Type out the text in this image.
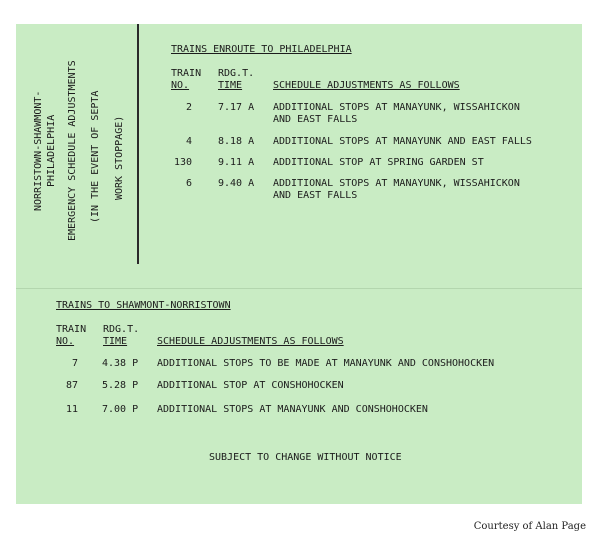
NORRISTOWN-SHAWMONT- PHILADELPHIA EMERGENCY SCHEDULE ADJUSTMENTS (IN THE EVENT OF SEPTA WORK STOPPAGE)
TRAINS ENROUTE TO PHILADELPHIA
TRAIN
NO.
RDG.T.
TIME	SCHEDULE ADJUSTMENTS AS FOLLOWS
2	7.17 A ADDITIONAL STOPS AT MANAYUNK, WISSAHICKON
AND EAST FALLS
4	8.18 A ADDITIONAL STOPS AT MANAYUNK AND EAST FALLS
130	9.11 A ADDITIONAL STOP AT SPRING GARDEN ST
6	9.40 A ADDITIONAL STOPS AT MANAYUNK, WISSAHICKON
AND EAST FALLS
TRAINS TO SHAWMONT-NORRISTOWN
TRAIN
NO.
RDG.T.
TIME	SCHEDULE ADJUSTMENTS AS FOLLOWS
7 4.38 P ADDITIONAL STOPS TO BE MADE AT MANAYUNK AND CONSHOHOCKEN
87 5.28 P ADDITIONAL STOP AT CONSHOHOCKEN
11 7.00 P ADDITIONAL STOPS AT MANAYUNK AND CONSHOHOCKEN
SUBJECT TO CHANGE WITHOUT NOTICE
Courtesy of Alan Page
